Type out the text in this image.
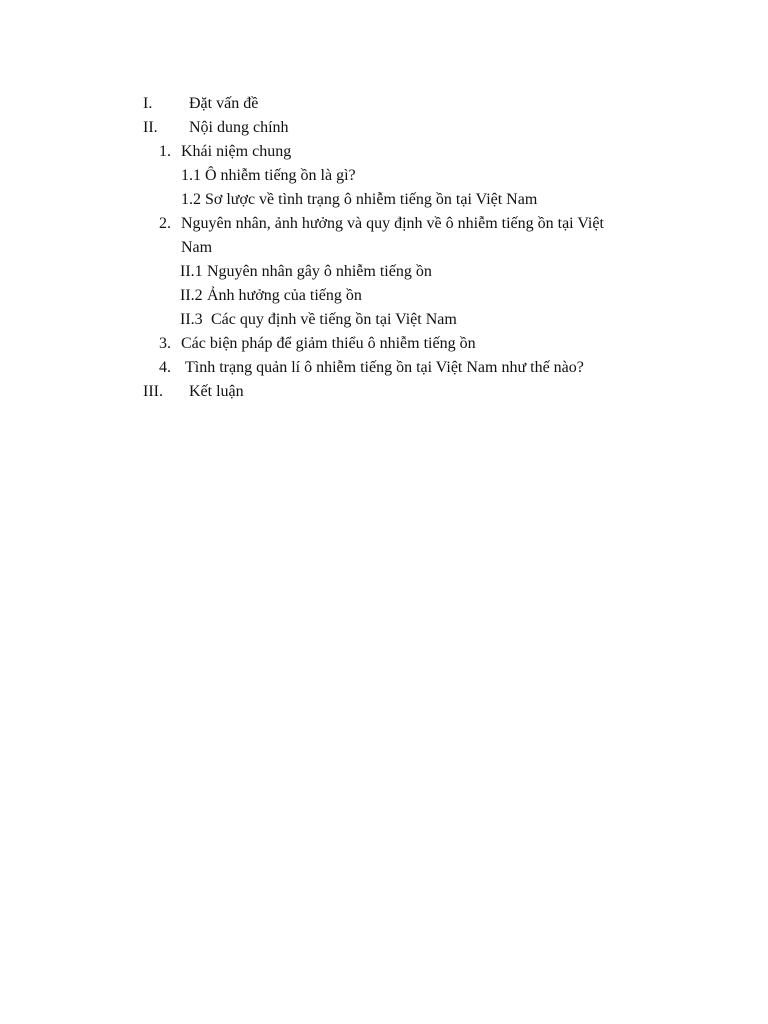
I. Đặt vấn đề
II. Nội dung chính
1. Khái niệm chung
1.1 Ô nhiễm tiếng ồn là gì?
1.2 Sơ lược về tình trạng ô nhiễm tiếng ồn tại Việt Nam
2. Nguyên nhân, ảnh hưởng và quy định về ô nhiễm tiếng ồn tại Việt
Nam
II.1 Nguyên nhân gây ô nhiễm tiếng ồn
II.2 Ảnh hưởng của tiếng ồn
II.3 Các quy định về tiếng ồn tại Việt Nam
3. Các biện pháp để giảm thiểu ô nhiễm tiếng ồn
4. Tình trạng quản lí ô nhiễm tiếng ồn tại Việt Nam như thế nào?
III. Kết luận
